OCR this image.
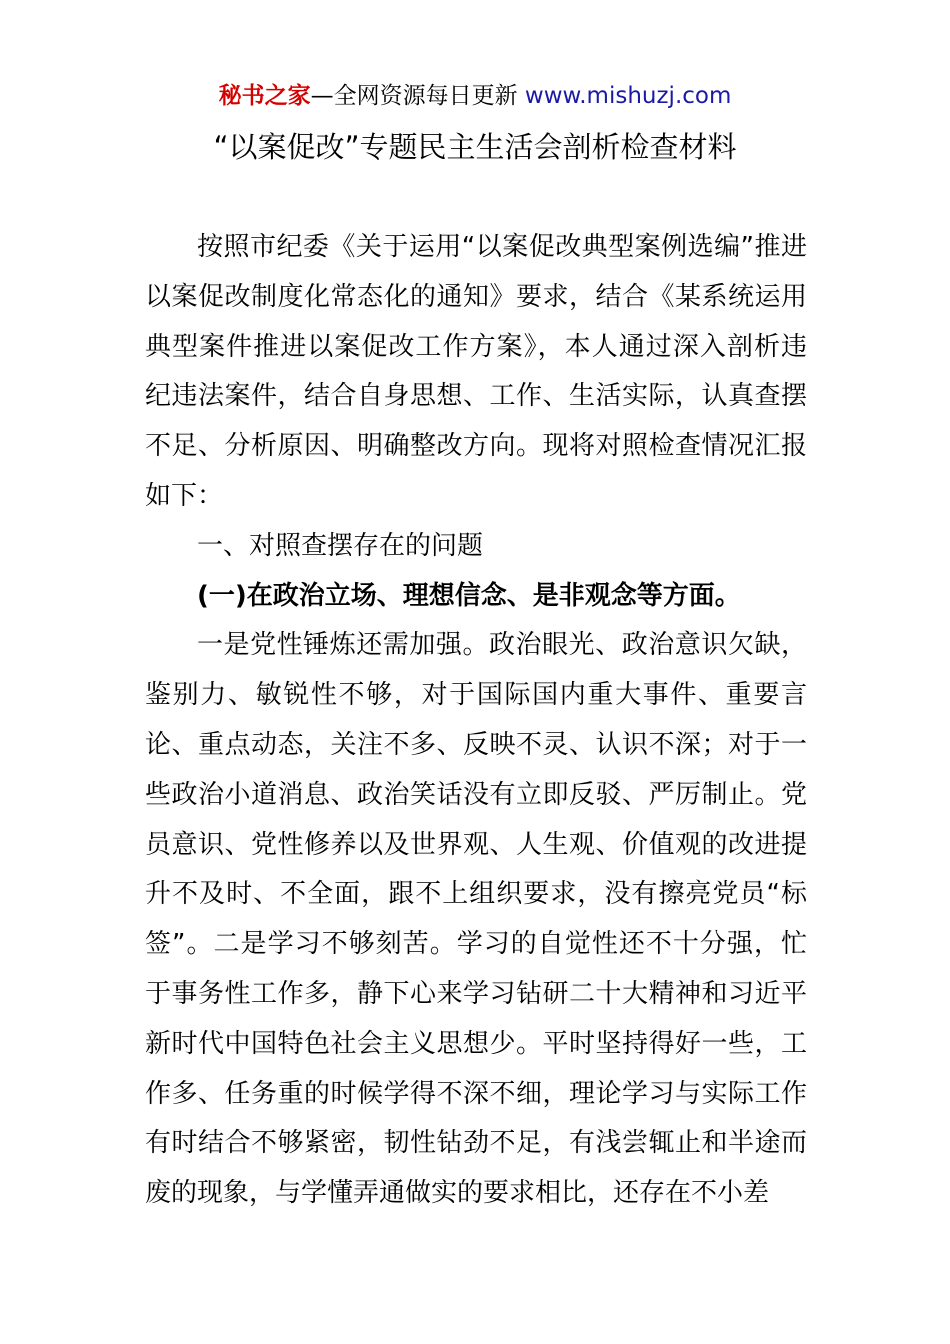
秘书之家—全网资源每日更新 www.mishuzj.com
“以案促改”专题民主生活会剖析检查材料

按照市纪委《关于运用“以案促改典型案例选编”推进以案促改制度化常态化的通知》要求，结合《某系统运用典型案件推进以案促改工作方案》，本人通过深入剖析违纪违法案件，结合自身思想、工作、生活实际，认真查摆不足、分析原因、明确整改方向。现将对照检查情况汇报如下：

一、对照查摆存在的问题

(一)在政治立场、理想信念、是非观念等方面。

一是党性锤炼还需加强。政治眼光、政治意识欠缺，鉴别力、敏锐性不够，对于国际国内重大事件、重要言论、重点动态，关注不多、反映不灵、认识不深；对于一些政治小道消息、政治笑话没有立即反驳、严厉制止。党员意识、党性修养以及世界观、人生观、价值观的改进提升不及时、不全面，跟不上组织要求，没有擦亮党员“标签”。二是学习不够刻苦。学习的自觉性还不十分强，忙于事务性工作多，静下心来学习钻研二十大精神和习近平新时代中国特色社会主义思想少。平时坚持得好一些，工作多、任务重的时候学得不深不细，理论学习与实际工作有时结合不够紧密，韧性钻劲不足，有浅尝辄止和半途而废的现象，与学懂弄通做实的要求相比，还存在不小差
